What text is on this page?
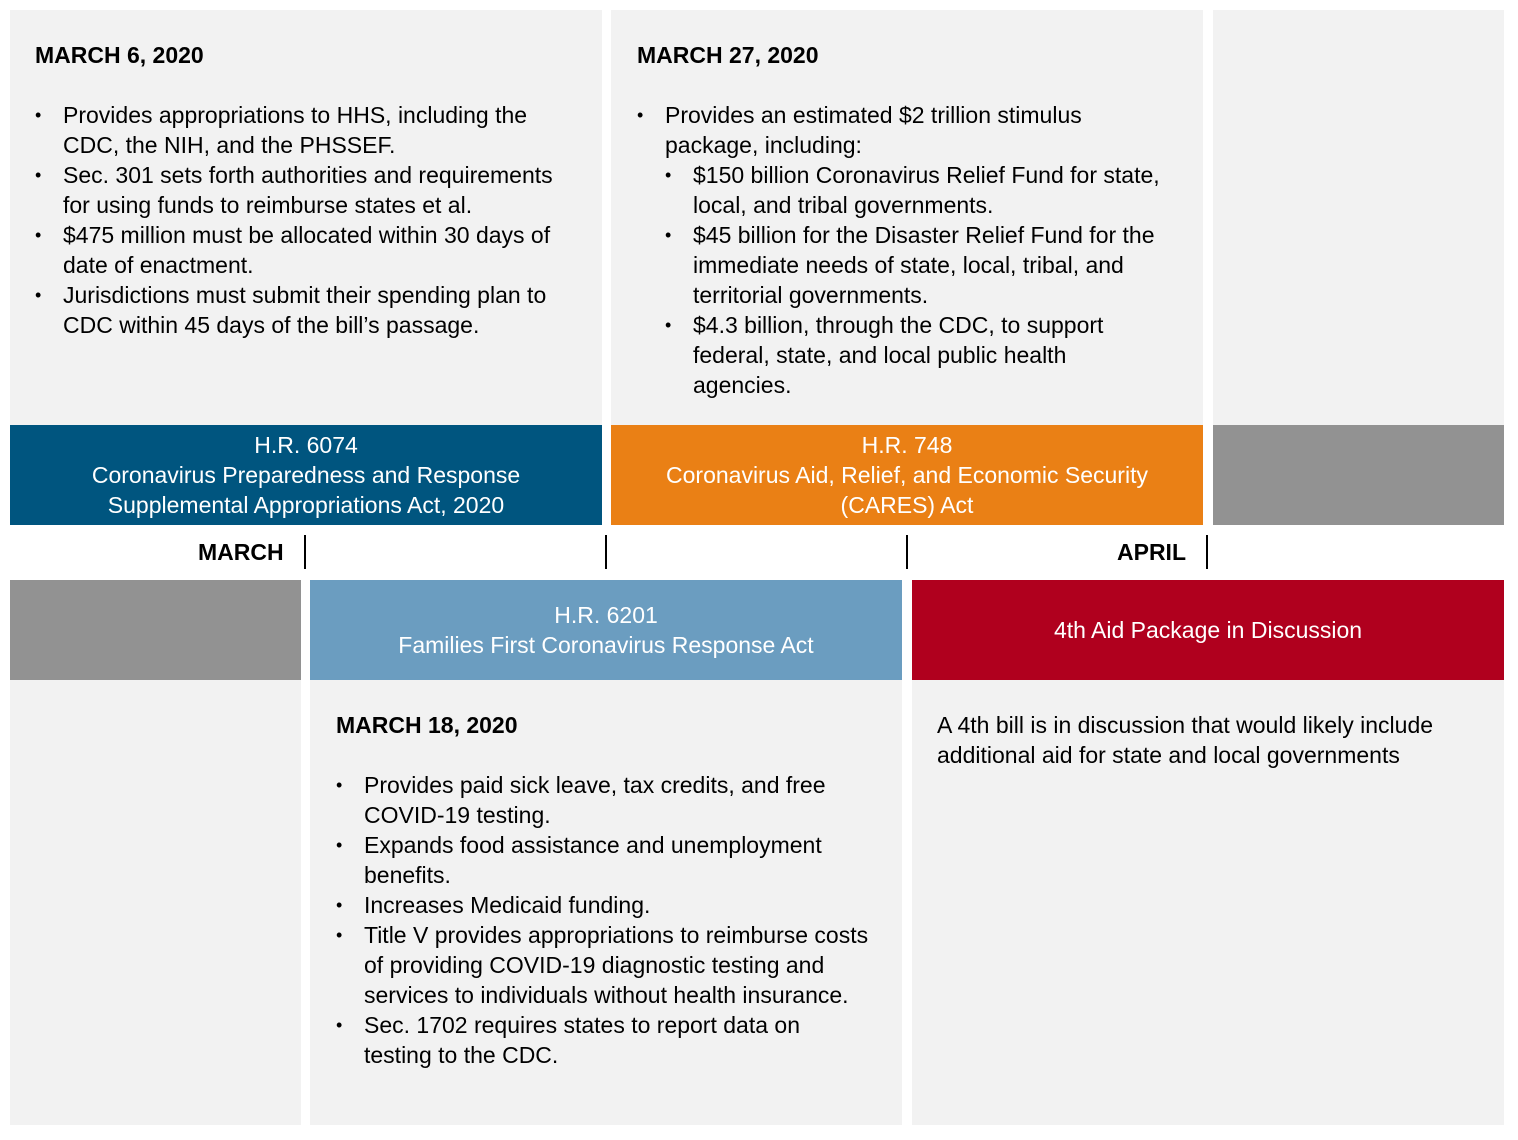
MARCH 6, 2020
• Provides appropriations to HHS, including the CDC, the NIH, and the PHSSEF.
• Sec. 301 sets forth authorities and requirements for using funds to reimburse states et al.
• $475 million must be allocated within 30 days of date of enactment.
• Jurisdictions must submit their spending plan to CDC within 45 days of the bill’s passage.
MARCH 27, 2020
• Provides an estimated $2 trillion stimulus package, including:
• $150 billion Coronavirus Relief Fund for state, local, and tribal governments.
• $45 billion for the Disaster Relief Fund for the immediate needs of state, local, tribal, and territorial governments.
• $4.3 billion, through the CDC, to support federal, state, and local public health agencies.
H.R. 6074
Coronavirus Preparedness and Response
Supplemental Appropriations Act, 2020
H.R. 748
Coronavirus Aid, Relief, and Economic Security
(CARES) Act
MARCH	APRIL
H.R. 6201
Families First Coronavirus Response Act
4th Aid Package in Discussion
MARCH 18, 2020
• Provides paid sick leave, tax credits, and free COVID-19 testing.
• Expands food assistance and unemployment benefits.
• Increases Medicaid funding.
• Title V provides appropriations to reimburse costs of providing COVID-19 diagnostic testing and services to individuals without health insurance.
• Sec. 1702 requires states to report data on testing to the CDC.
A 4th bill is in discussion that would likely include additional aid for state and local governments
